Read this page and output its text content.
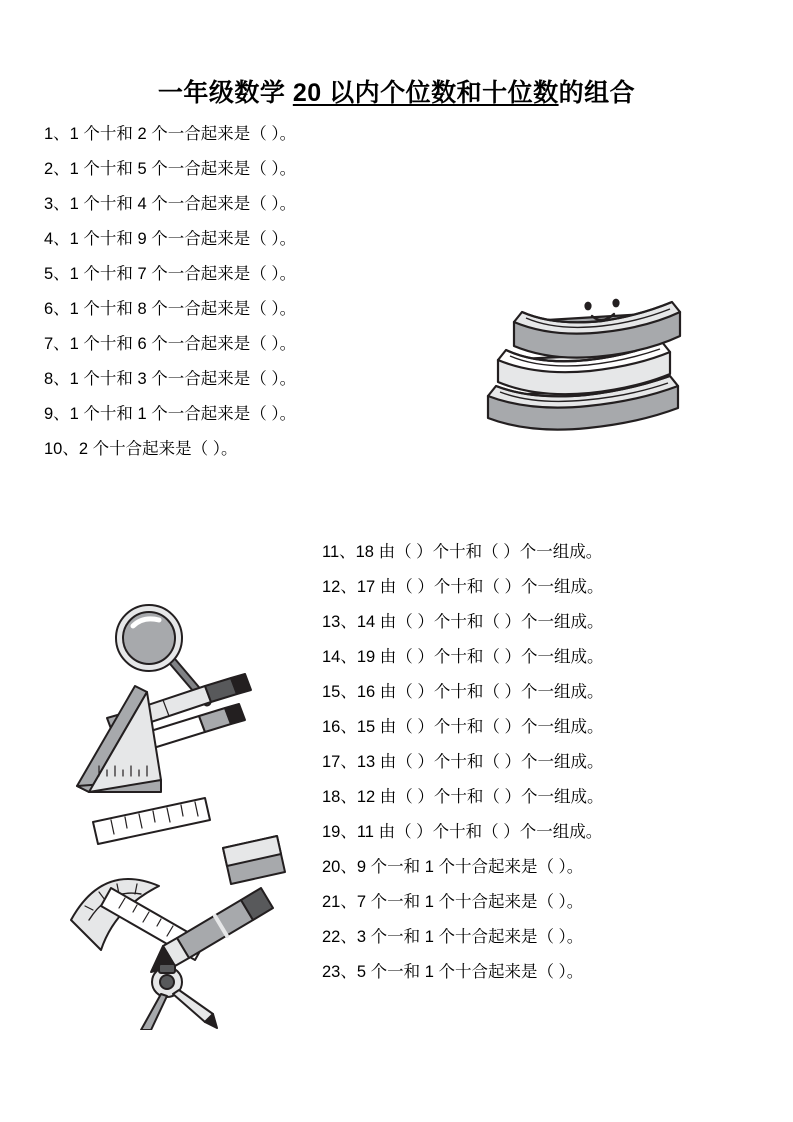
一年级数学 20 以内个位数和十位数的组合
1、1 个十和 2 个一合起来是（ ）。
2、1 个十和 5 个一合起来是（ ）。
3、1 个十和 4 个一合起来是（ ）。
4、1 个十和 9 个一合起来是（ ）。
5、1 个十和 7 个一合起来是（ ）。
6、1 个十和 8 个一合起来是（ ）。
7、1 个十和 6 个一合起来是（ ）。
8、1 个十和 3 个一合起来是（ ）。
9、1 个十和 1 个一合起来是（ ）。
10、2 个十合起来是（ ）。
11、18 由（ ）个十和（ ）个一组成。
12、17 由（ ）个十和（ ）个一组成。
13、14 由（ ）个十和（ ）个一组成。
14、19 由（ ）个十和（ ）个一组成。
15、16 由（ ）个十和（ ）个一组成。
16、15 由（ ）个十和（ ）个一组成。
17、13 由（ ）个十和（ ）个一组成。
18、12 由（ ）个十和（ ）个一组成。
19、11 由（ ）个十和（ ）个一组成。
20、9 个一和 1 个十合起来是（ ）。
21、7 个一和 1 个十合起来是（ ）。
22、3 个一和 1 个十合起来是（ ）。
23、5 个一和 1 个十合起来是（ ）。
